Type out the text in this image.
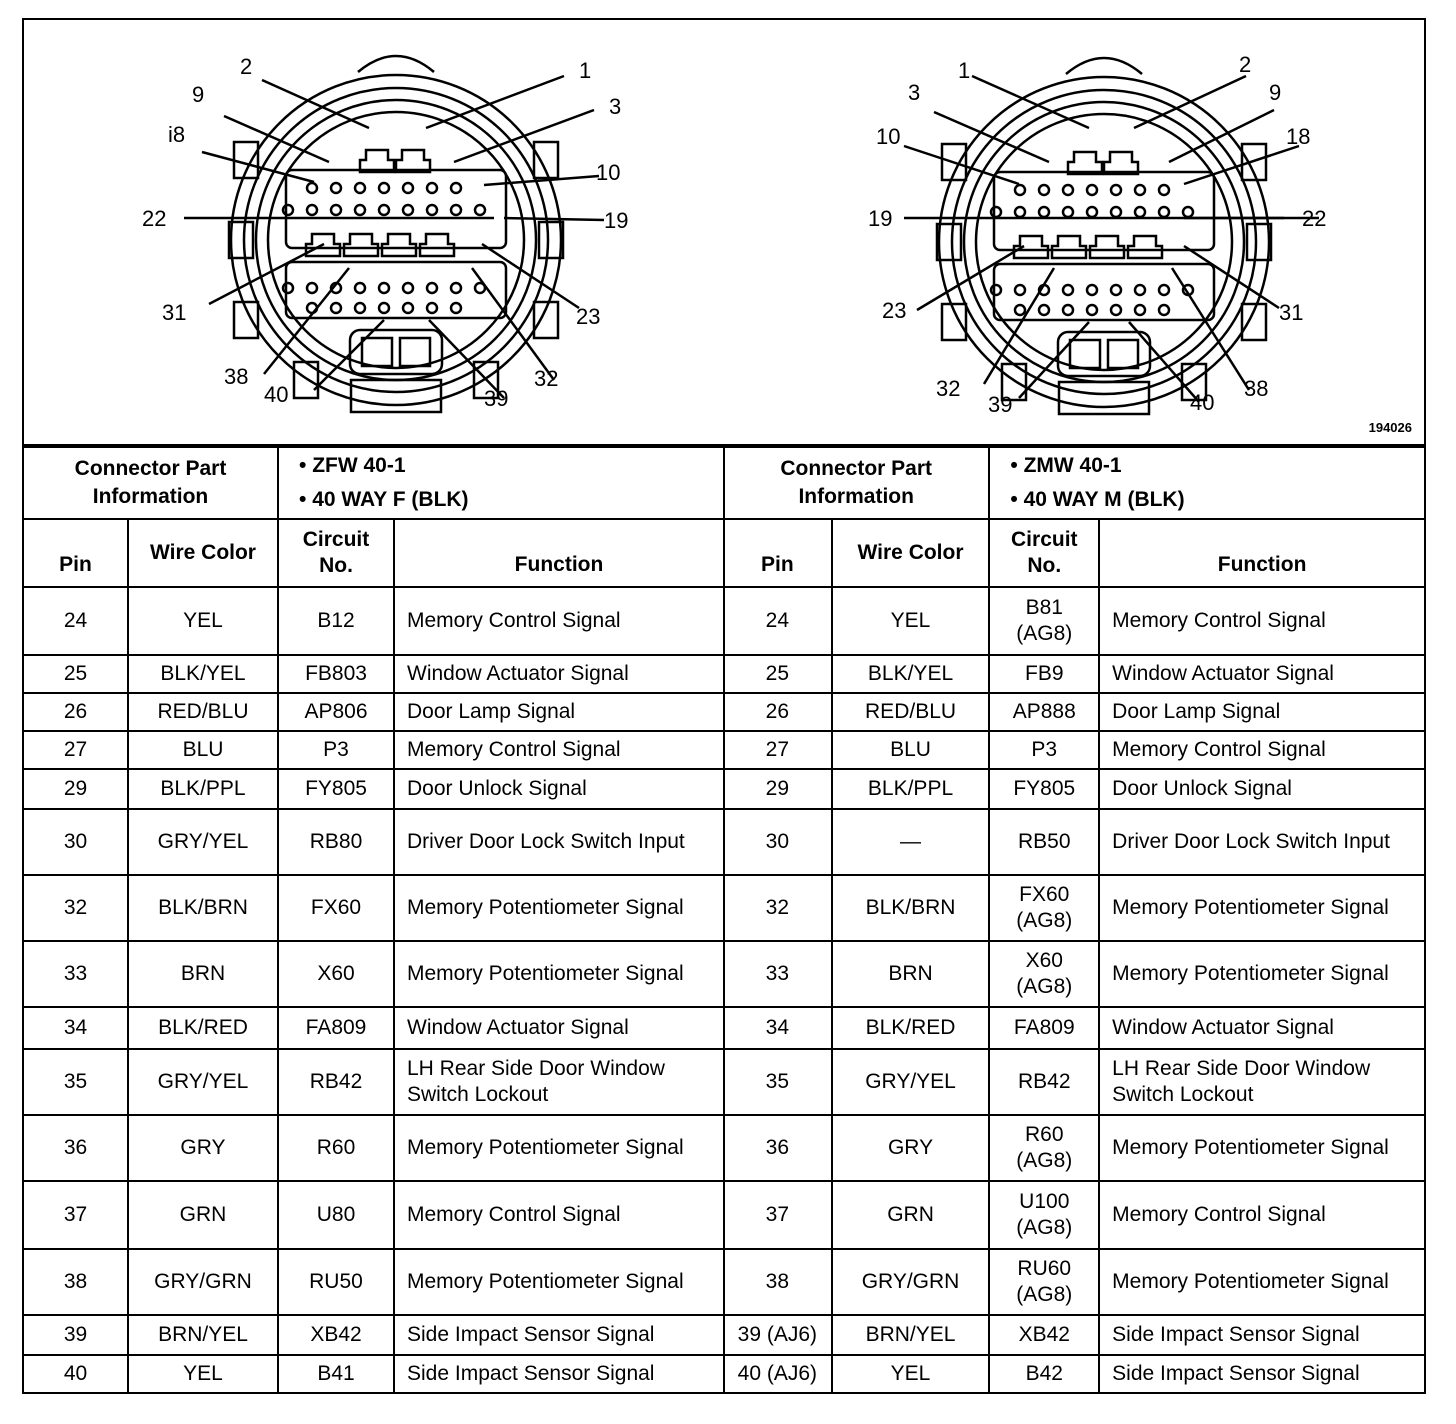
1
2
3
9
i8
10
22	19
31	23
38	32
40	39
1	2
3	9
10	18
19	22
23	31
32	38
39	40
194026
Connector Part Information		• ZFW 40-1
• 40 WAY F (BLK)

Pin	Wire Color	Circuit No.	Function
24	YEL	B12	Memory Control Signal
25	BLK/YEL	FB803	Window Actuator Signal
26	RED/BLU	AP806	Door Lamp Signal
27	BLU	P3	Memory Control Signal
29	BLK/PPL	FY805	Door Unlock Signal
30	GRY/YEL	RB80	Driver Door Lock Switch Input
32	BLK/BRN	FX60	Memory Potentiometer Signal
33	BRN	X60	Memory Potentiometer Signal
34	BLK/RED	FA809	Window Actuator Signal
35	GRY/YEL	RB42	LH Rear Side Door Window Switch Lockout
36	GRY	R60	Memory Potentiometer Signal
37	GRN	U80	Memory Control Signal
38	GRY/GRN	RU50	Memory Potentiometer Signal
39	BRN/YEL	XB42	Side Impact Sensor Signal
40	YEL	B41	Side Impact Sensor Signal
Connector Part Information		• ZMW 40-1
• 40 WAY M (BLK)

Pin	Wire Color	Circuit No.	Function
24	YEL	B81 (AG8)	Memory Control Signal
25	BLK/YEL	FB9	Window Actuator Signal
26	RED/BLU	AP888	Door Lamp Signal
27	BLU	P3	Memory Control Signal
29	BLK/PPL	FY805	Door Unlock Signal
30	—	RB50	Driver Door Lock Switch Input
32	BLK/BRN	FX60 (AG8)	Memory Potentiometer Signal
33	BRN	X60 (AG8)	Memory Potentiometer Signal
34	BLK/RED	FA809	Window Actuator Signal
35	GRY/YEL	RB42	LH Rear Side Door Window Switch Lockout
36	GRY	R60 (AG8)	Memory Potentiometer Signal
37	GRN	U100 (AG8)	Memory Control Signal
38	GRY/GRN	RU60 (AG8)	Memory Potentiometer Signal
39 (AJ6)	BRN/YEL	XB42	Side Impact Sensor Signal
40 (AJ6)	YEL	B42	Side Impact Sensor Signal
